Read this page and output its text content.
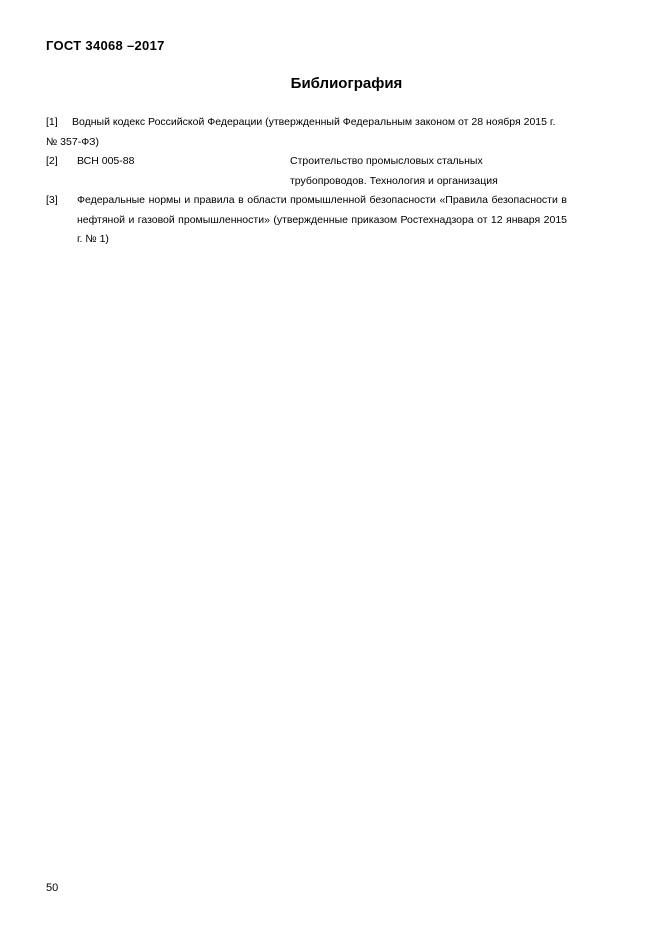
ГОСТ 34068 –2017
Библиография
[1]	Водный кодекс Российской Федерации (утвержденный Федеральным законом от 28 ноября 2015 г. № 357-ФЗ)
[2] ВСН 005-88	Строительство промысловых стальных трубопроводов. Технология и организация
[3] Федеральные нормы и правила в области промышленной безопасности «Правила безопасности в нефтяной и газовой промышленности» (утвержденные приказом Ростехнадзора от 12 января 2015 г. № 1)
50
